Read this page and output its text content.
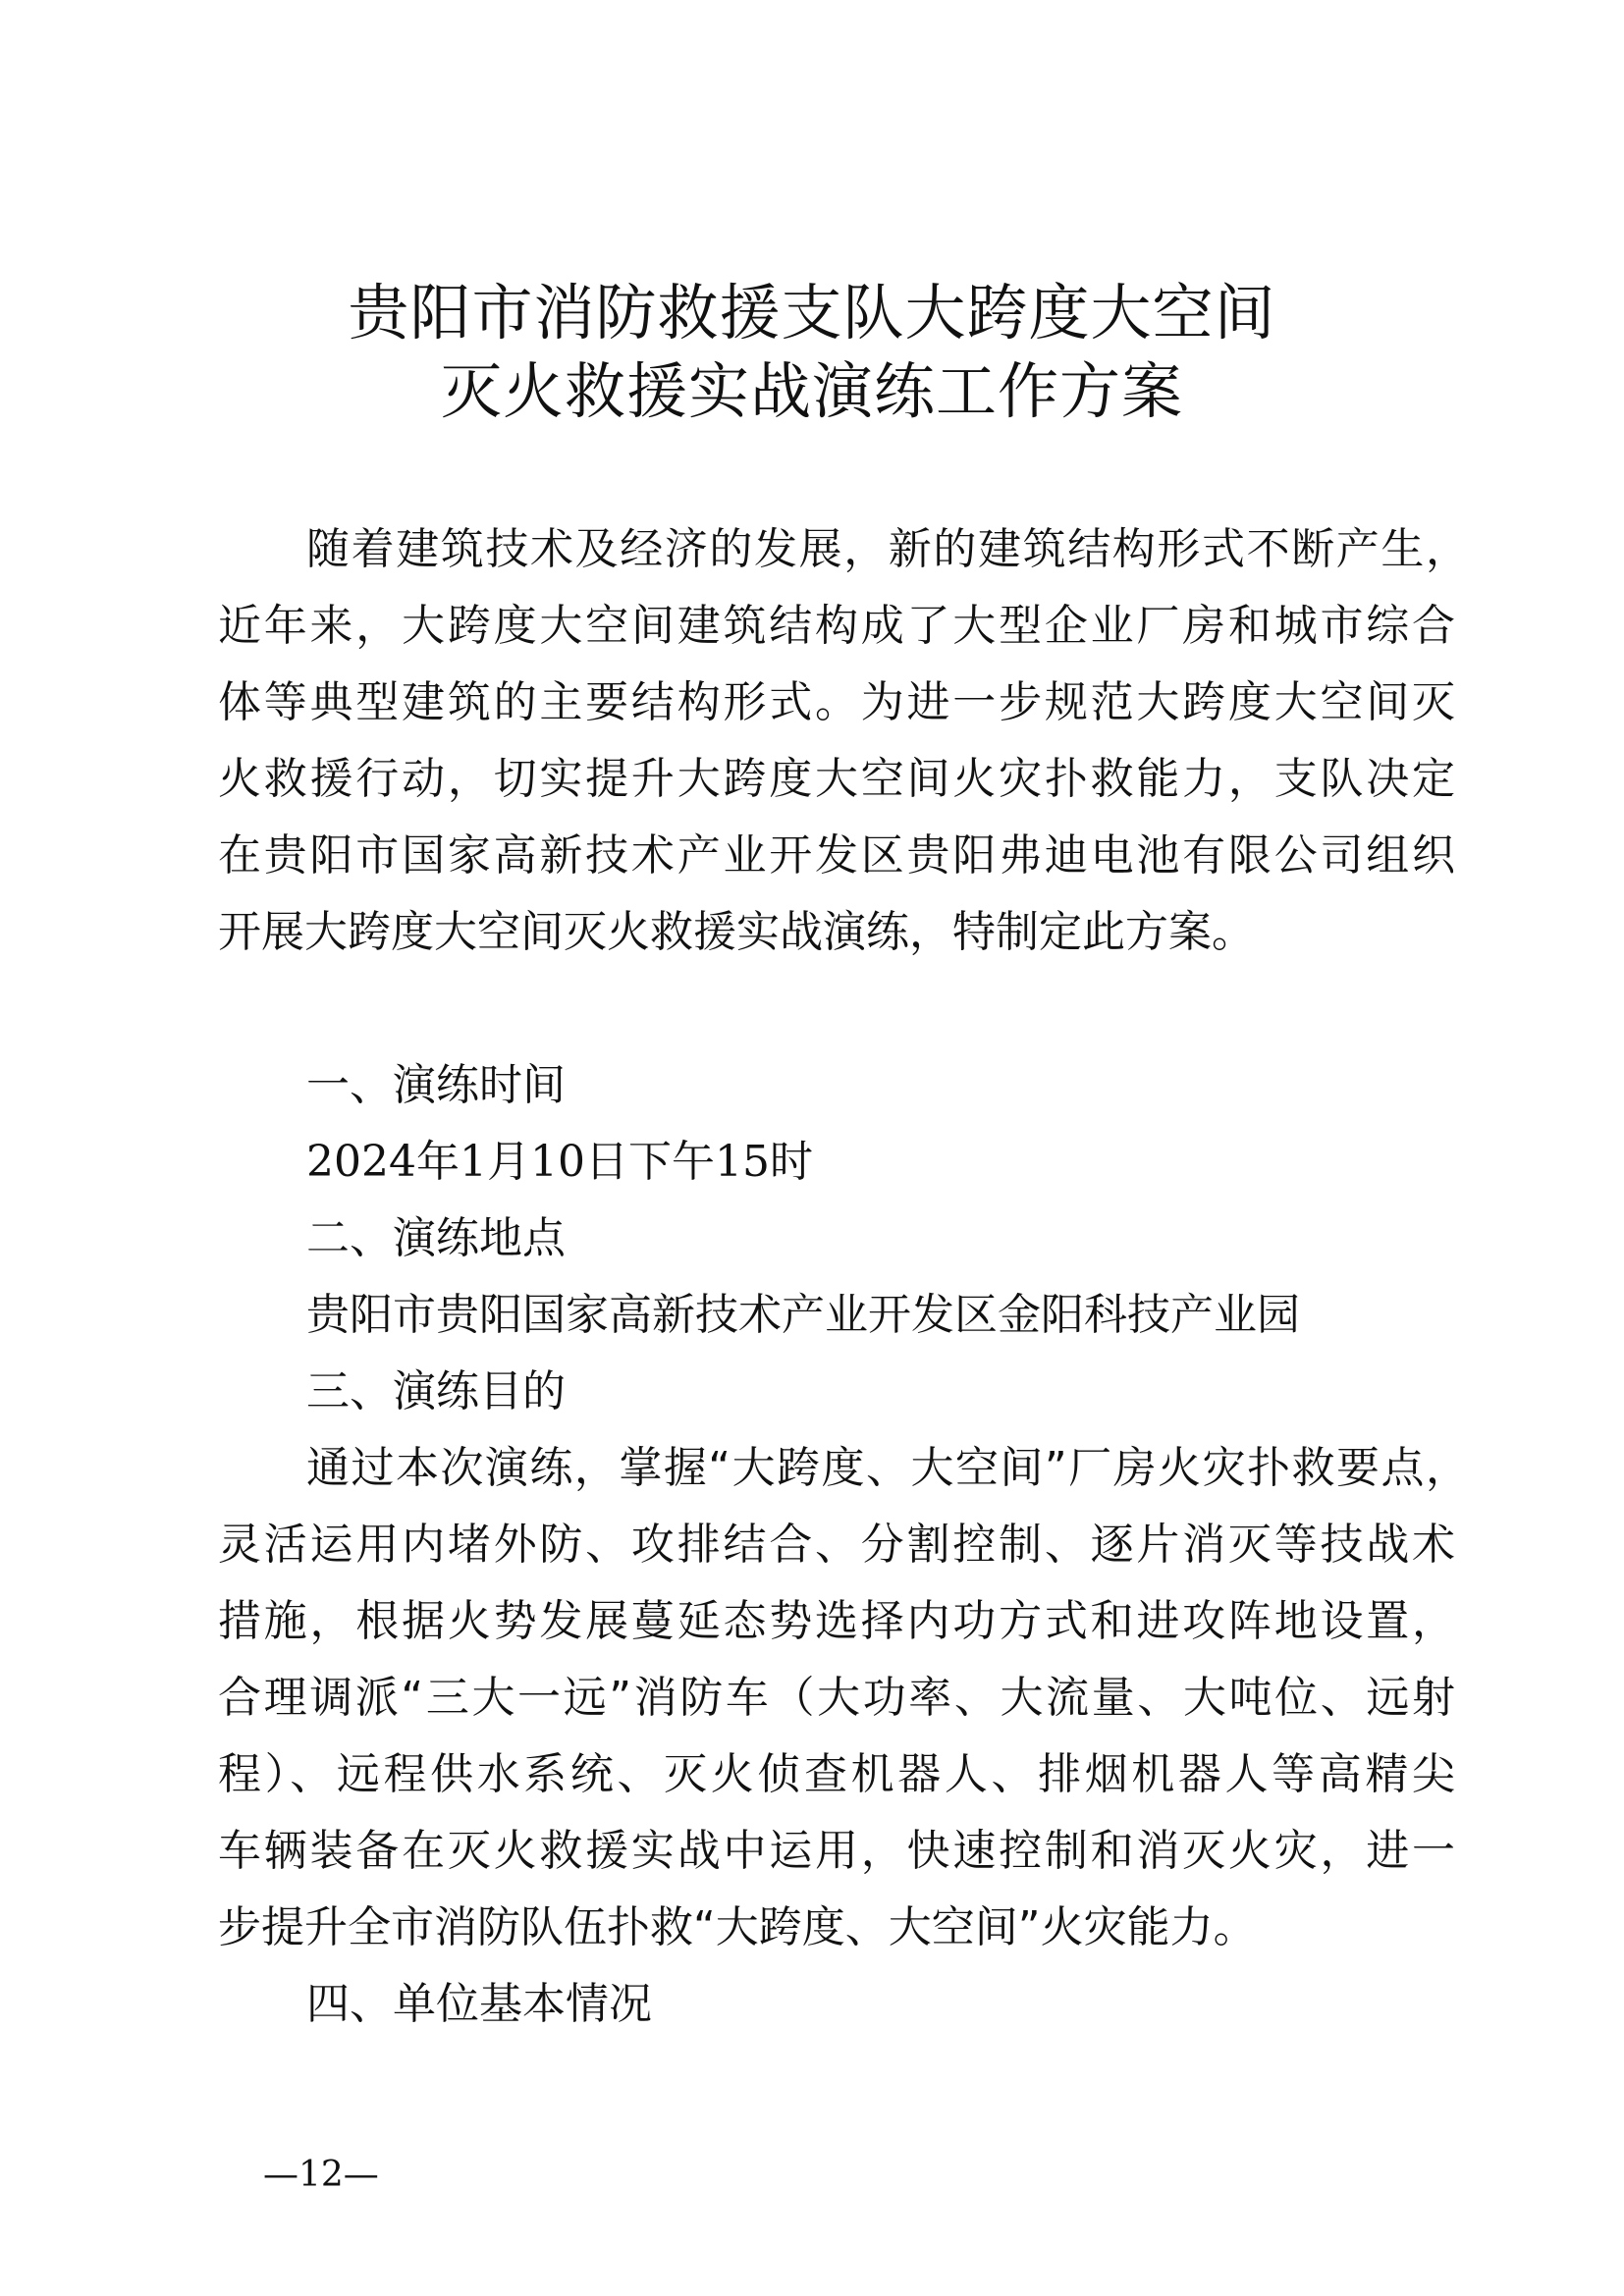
贵阳市消防救援支队大跨度大空间
灭火救援实战演练工作方案
随着建筑技术及经济的发展，新的建筑结构形式不断产生，
近年来，大跨度大空间建筑结构成了大型企业厂房和城市综合
体等典型建筑的主要结构形式。为进一步规范大跨度大空间灭
火救援行动，切实提升大跨度大空间火灾扑救能力，支队决定
在贵阳市国家高新技术产业开发区贵阳弗迪电池有限公司组织
开展大跨度大空间灭火救援实战演练，特制定此方案。
一、演练时间
2024年1月10日下午15时
二、演练地点
贵阳市贵阳国家高新技术产业开发区金阳科技产业园
三、演练目的
通过本次演练，掌握“大跨度、大空间”厂房火灾扑救要点，
灵活运用内堵外防、攻排结合、分割控制、逐片消灭等技战术
措施，根据火势发展蔓延态势选择内功方式和进攻阵地设置，
合理调派“三大一远”消防车（大功率、大流量、大吨位、远射
程）、远程供水系统、灭火侦查机器人、排烟机器人等高精尖
车辆装备在灭火救援实战中运用，快速控制和消灭火灾，进一
步提升全市消防队伍扑救“大跨度、大空间”火灾能力。
四、单位基本情况
—12—
